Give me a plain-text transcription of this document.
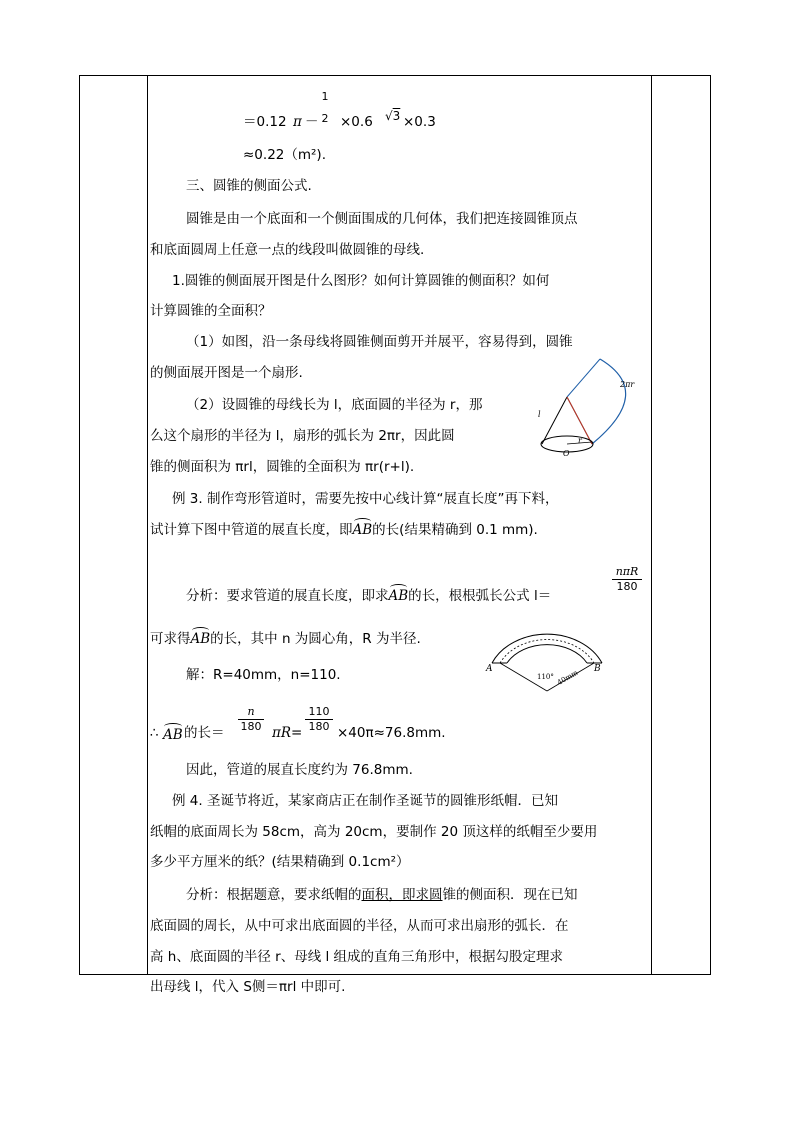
＝0.12 π －
1
2 ×0.6 √3 ×0.3
≈0.22（m²).
三、圆锥的侧面公式.
圆锥是由一个底面和一个侧面围成的几何体，我们把连接圆锥顶点
和底面圆周上任意一点的线段叫做圆锥的母线.
1.圆锥的侧面展开图是什么图形？如何计算圆锥的侧面积？如何
计算圆锥的全面积？
（1）如图，沿一条母线将圆锥侧面剪开并展平，容易得到，圆锥
的侧面展开图是一个扇形.
（2）设圆锥的母线长为 l，底面圆的半径为 r，那
么这个扇形的半径为 l，扇形的弧长为 2πr，因此圆
锥的侧面积为 πrl，圆锥的全面积为 πr(r+l).
2πr
l
r
O
例 3. 制作弯形管道时，需要先按中心线计算“展直长度”再下料，
试计算下图中管道的展直长度，即AB的长(结果精确到 0.1 mm).
分析：要求管道的展直长度，即求AB的长，根根弧长公式 l＝
nπR
180
可求得AB的长，其中 n 为圆心角，R 为半径.
A	B
110° 40mm
解：R=40mm，n=110.
∴ AB 的长＝ $\frac{n}{180} \pi R= \frac{110}{180} \times 40\pi\approx 76.8mm$.
因此，管道的展直长度约为 76.8mm.
例 4. 圣诞节将近，某家商店正在制作圣诞节的圆锥形纸帽．已知
纸帽的底面周长为 58cm，高为 20cm，要制作 20 顶这样的纸帽至少要用
多少平方厘米的纸？(结果精确到 0.1cm²）
分析：根据题意，要求纸帽的面积，即求圆锥的侧面积．现在已知
底面圆的周长，从中可求出底面圆的半径，从而可求出扇形的弧长．在
高 h、底面圆的半径 r、母线 l 组成的直角三角形中，根据勾股定理求
出母线 l，代入 S侧＝πrl 中即可.
